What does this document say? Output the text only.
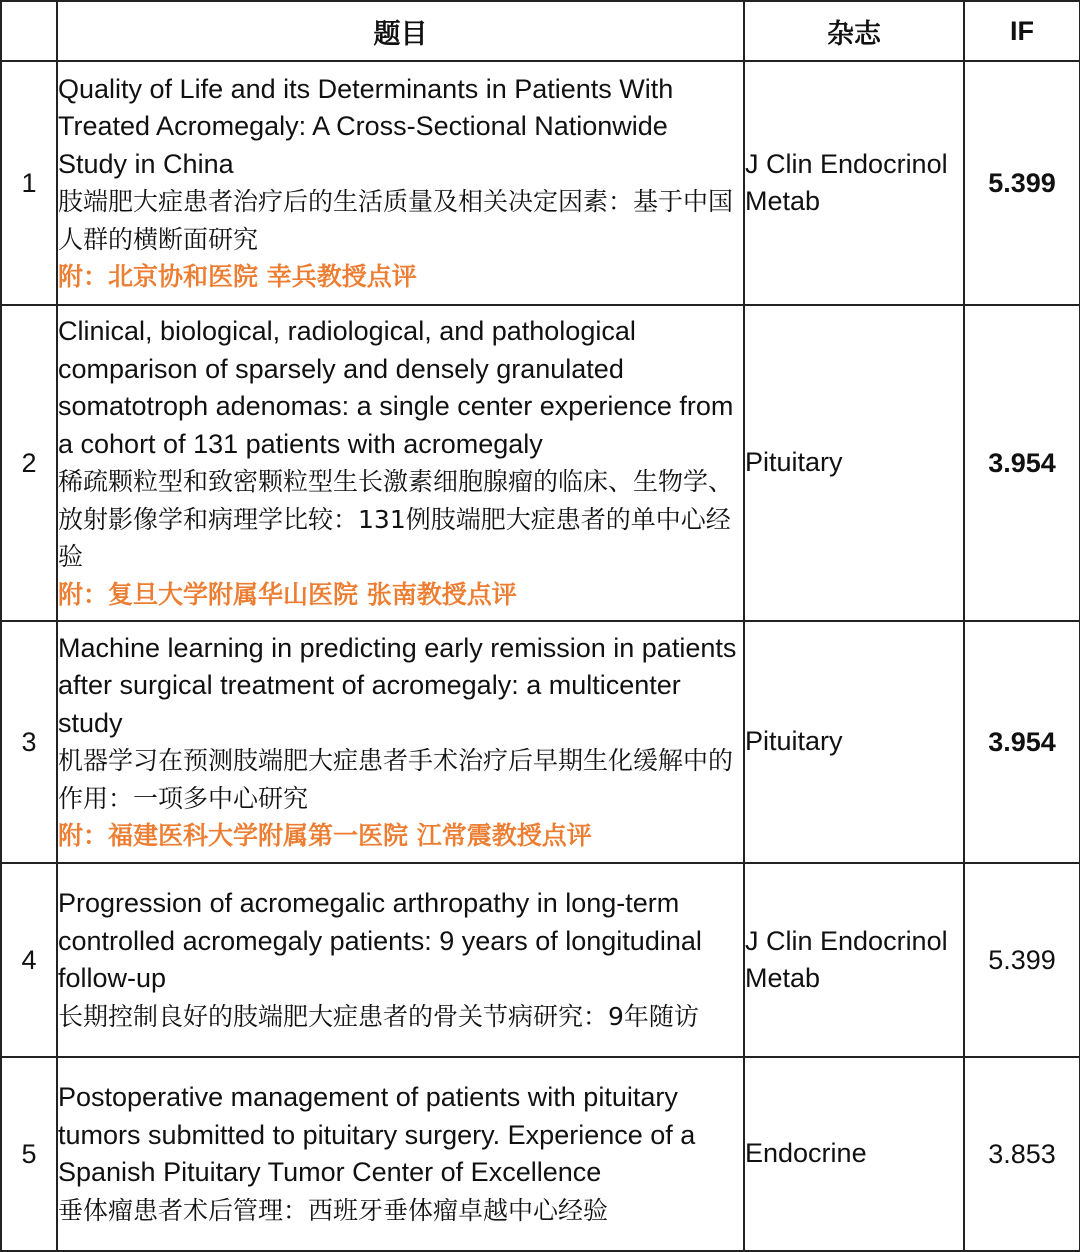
	题目	杂志	IF
1	Quality of Life and its Determinants in Patients With Treated Acromegaly: A Cross-Sectional Nationwide Study in China
肢端肥大症患者治疗后的生活质量及相关决定因素：基于中国人群的横断面研究
附：北京协和医院 幸兵教授点评	J Clin Endocrinol Metab	5.399
2	Clinical, biological, radiological, and pathological comparison of sparsely and densely granulated somatotroph adenomas: a single center experience from a cohort of 131 patients with acromegaly
稀疏颗粒型和致密颗粒型生长激素细胞腺瘤的临床、生物学、放射影像学和病理学比较：131例肢端肥大症患者的单中心经验
附：复旦大学附属华山医院 张南教授点评	Pituitary	3.954
3	Machine learning in predicting early remission in patients after surgical treatment of acromegaly: a multicenter study
机器学习在预测肢端肥大症患者手术治疗后早期生化缓解中的作用：一项多中心研究
附：福建医科大学附属第一医院 江常震教授点评	Pituitary	3.954
4	Progression of acromegalic arthropathy in long-term controlled acromegaly patients: 9 years of longitudinal follow-up
长期控制良好的肢端肥大症患者的骨关节病研究：9年随访	J Clin Endocrinol Metab	5.399
5	Postoperative management of patients with pituitary tumors submitted to pituitary surgery. Experience of a Spanish Pituitary Tumor Center of Excellence
垂体瘤患者术后管理：西班牙垂体瘤卓越中心经验	Endocrine	3.853
